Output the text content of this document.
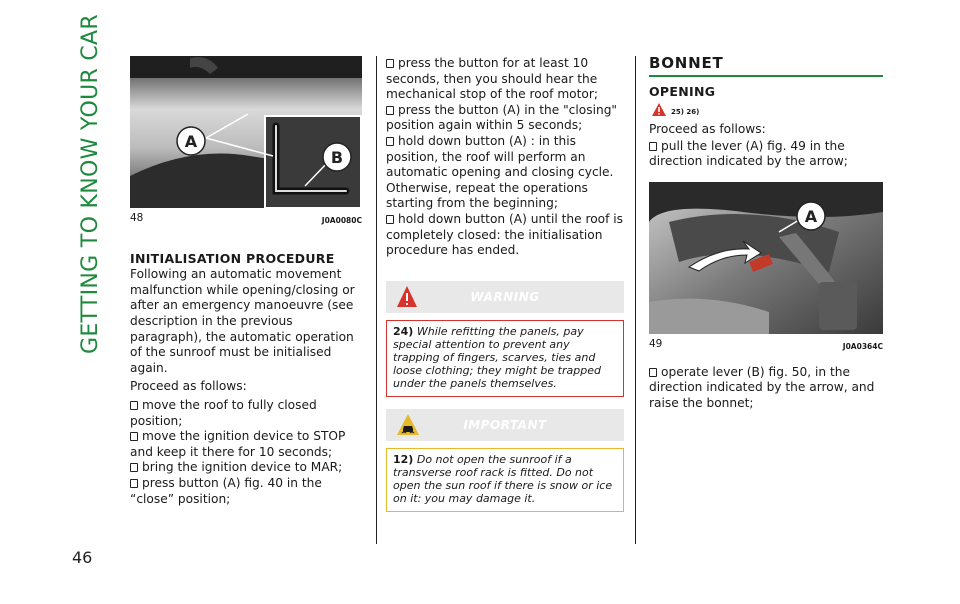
GETTING TO KNOW YOUR CAR
46
A
B
48	J0A0080C
INITIALISATION PROCEDURE

Following an automatic movement malfunction while opening/closing or after an emergency manoeuvre (see description in the previous paragraph), the automatic operation of the sunroof must be initialised again.

Proceed as follows:

move the roof to fully closed position;
move the ignition device to STOP and keep it there for 10 seconds;
bring the ignition device to MAR;
press button (A) fig. 40 in the “close” position;
press the button for at least 10 seconds, then you should hear the mechanical stop of the roof motor;
press the button (A) in the "closing" position again within 5 seconds;
hold down button (A) : in this position, the roof will perform an automatic opening and closing cycle. Otherwise, repeat the operations starting from the beginning;
hold down button (A) until the roof is completely closed: the initialisation procedure has ended.
WARNING
24) While refitting the panels, pay special attention to prevent any trapping of fingers, scarves, ties and loose clothing; they might be trapped under the panels themselves.
IMPORTANT
12) Do not open the sunroof if a transverse roof rack is fitted. Do not open the sun roof if there is snow or ice on it: you may damage it.
BONNET
OPENING
25) 26)

Proceed as follows:

pull the lever (A) fig. 49 in the direction indicated by the arrow;
A
49	J0A0364C
operate lever (B) fig. 50, in the direction indicated by the arrow, and raise the bonnet;
